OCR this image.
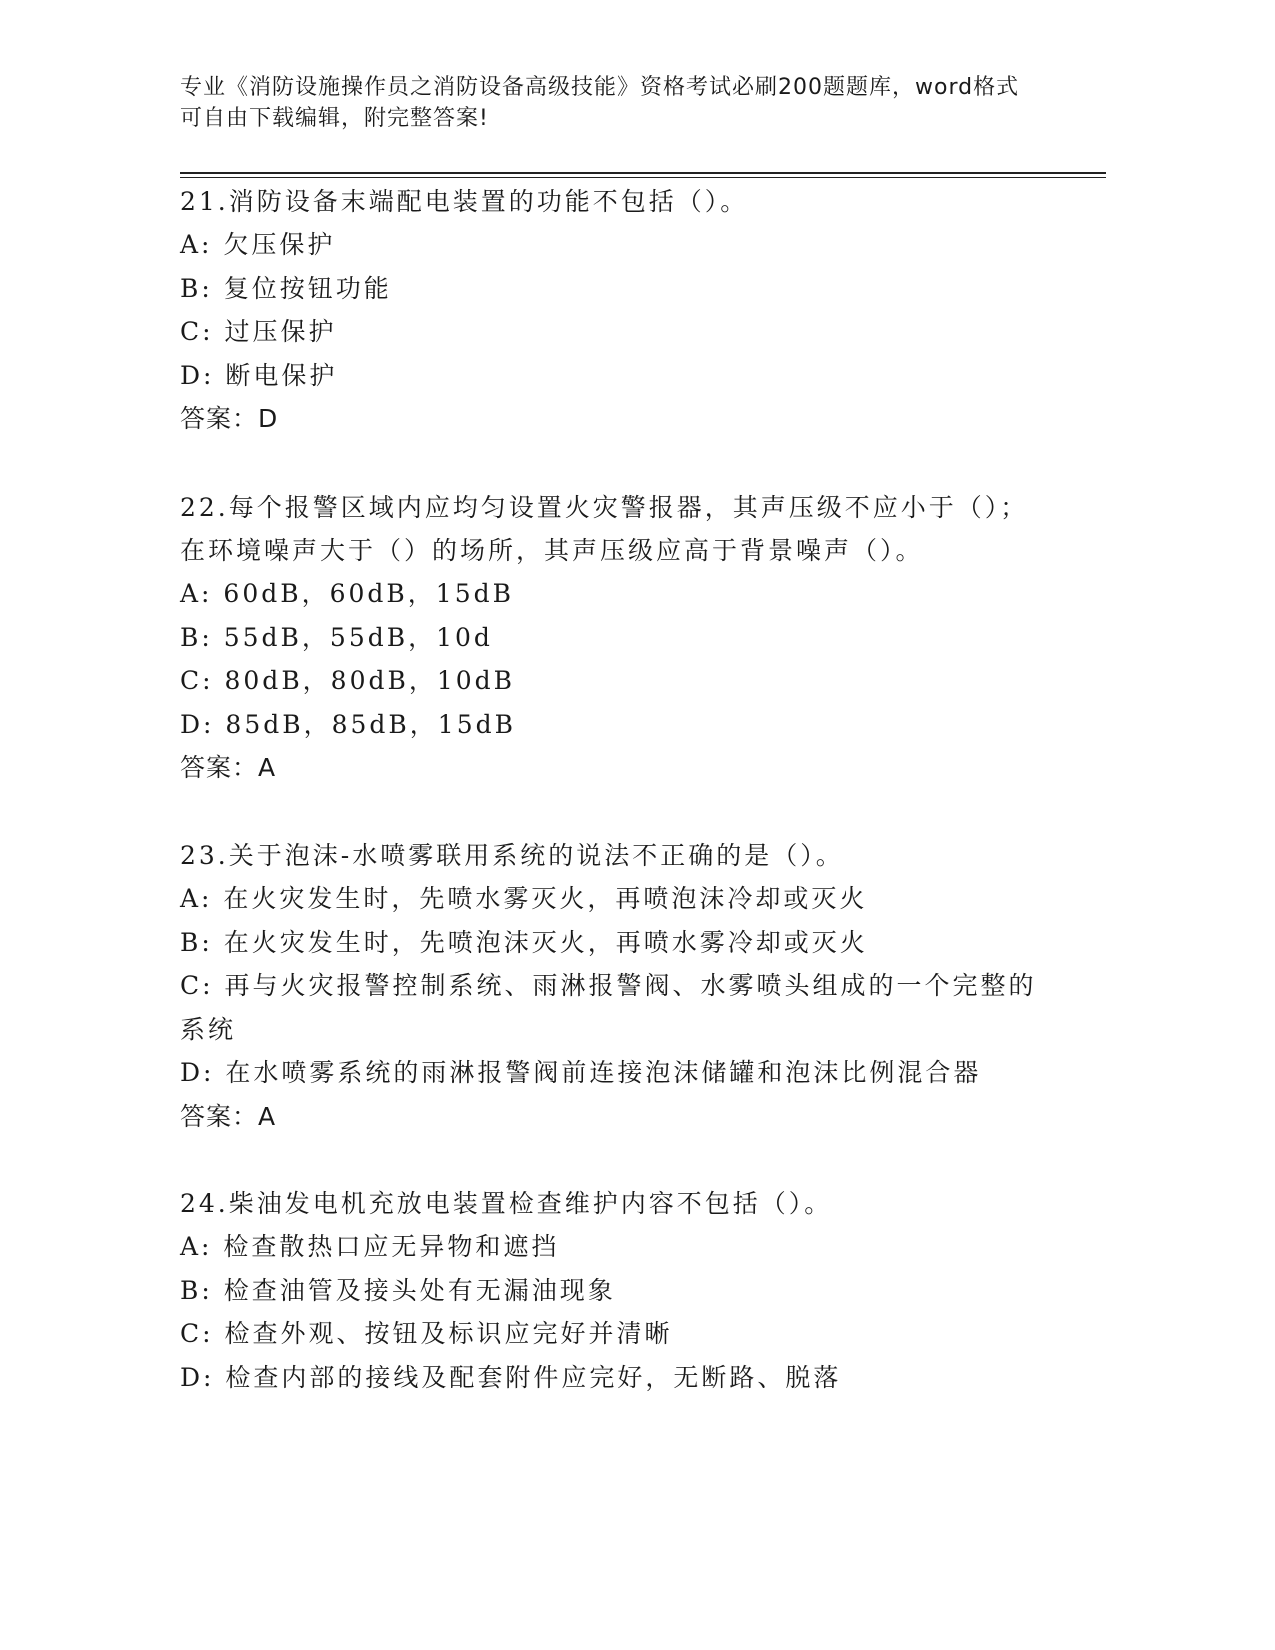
专业《消防设施操作员之消防设备高级技能》资格考试必刷200题题库，word格式可自由下载编辑，附完整答案!

21.消防设备末端配电装置的功能不包括（）。

A: 欠压保护

B: 复位按钮功能

C: 过压保护

D: 断电保护

答案：D

22.每个报警区域内应均匀设置火灾警报器，其声压级不应小于（）；在环境噪声大于（）的场所，其声压级应高于背景噪声（）。

A: 60dB，60dB，15dB

B: 55dB，55dB，10d

C: 80dB，80dB，10dB

D: 85dB，85dB，15dB

答案：A

23.关于泡沫-水喷雾联用系统的说法不正确的是（）。

A: 在火灾发生时，先喷水雾灭火，再喷泡沫冷却或灭火

B: 在火灾发生时，先喷泡沫灭火，再喷水雾冷却或灭火

C: 再与火灾报警控制系统、雨淋报警阀、水雾喷头组成的一个完整的系统

D: 在水喷雾系统的雨淋报警阀前连接泡沫储罐和泡沫比例混合器

答案：A

24.柴油发电机充放电装置检查维护内容不包括（）。

A: 检查散热口应无异物和遮挡

B: 检查油管及接头处有无漏油现象

C: 检查外观、按钮及标识应完好并清晰

D: 检查内部的接线及配套附件应完好，无断路、脱落
